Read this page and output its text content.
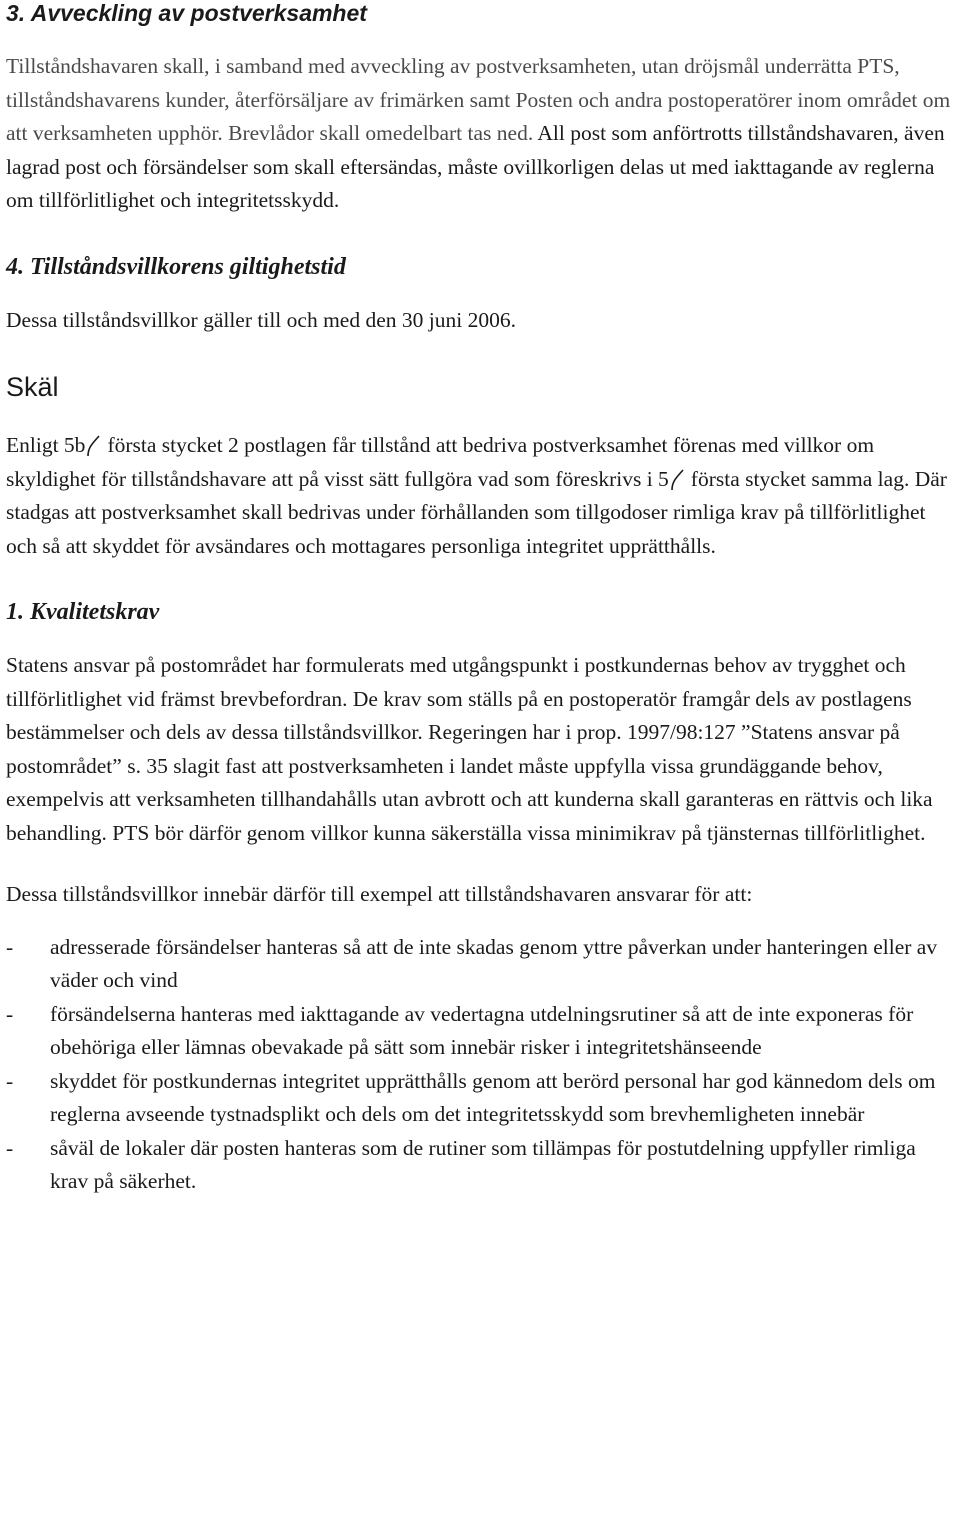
3. Avveckling av postverksamhet

Tillståndshavaren skall, i samband med avveckling av postverksamheten, utan dröjsmål underrätta PTS, tillståndshavarens kunder, återförsäljare av frimärken samt Posten och andra postoperatörer inom området om att verksamheten upphör. Brevlådor skall omedelbart tas ned. All post som anförtrotts tillståndshavaren, även lagrad post och försändelser som skall eftersändas, måste ovillkorligen delas ut med iakttagande av reglerna om tillförlitlighet och integritetsskydd.

4. Tillståndsvillkorens giltighetstid

Dessa tillståndsvillkor gäller till och med den 30 juni 2006.

Skäl

Enligt 5b första stycket 2 postlagen får tillstånd att bedriva postverksamhet förenas med villkor om skyldighet för tillståndshavare att på visst sätt fullgöra vad som föreskrivs i 5 första stycket samma lag. Där stadgas att postverksamhet skall bedrivas under förhållanden som tillgodoser rimliga krav på tillförlitlighet och så att skyddet för avsändares och mottagares personliga integritet upprätthålls.

1. Kvalitetskrav

Statens ansvar på postområdet har formulerats med utgångspunkt i postkundernas behov av trygghet och tillförlitlighet vid främst brevbefordran. De krav som ställs på en postoperatör framgår dels av postlagens bestämmelser och dels av dessa tillståndsvillkor. Regeringen har i prop. 1997/98:127 ”Statens ansvar på postområdet” s. 35 slagit fast att postverksamheten i landet måste uppfylla vissa grundäggande behov, exempelvis att verksamheten tillhandahålls utan avbrott och att kunderna skall garanteras en rättvis och lika behandling. PTS bör därför genom villkor kunna säkerställa vissa minimikrav på tjänsternas tillförlitlighet.

Dessa tillståndsvillkor innebär därför till exempel att tillståndshavaren ansvarar för att:

- adresserade försändelser hanteras så att de inte skadas genom yttre påverkan under hanteringen eller av väder och vind
- försändelserna hanteras med iakttagande av vedertagna utdelningsrutiner så att de inte exponeras för obehöriga eller lämnas obevakade på sätt som innebär risker i integritetshänseende
- skyddet för postkundernas integritet upprätthålls genom att berörd personal har god kännedom dels om reglerna avseende tystnadsplikt och dels om det integritetsskydd som brevhemligheten innebär
- såväl de lokaler där posten hanteras som de rutiner som tillämpas för postutdelning uppfyller rimliga krav på säkerhet.
